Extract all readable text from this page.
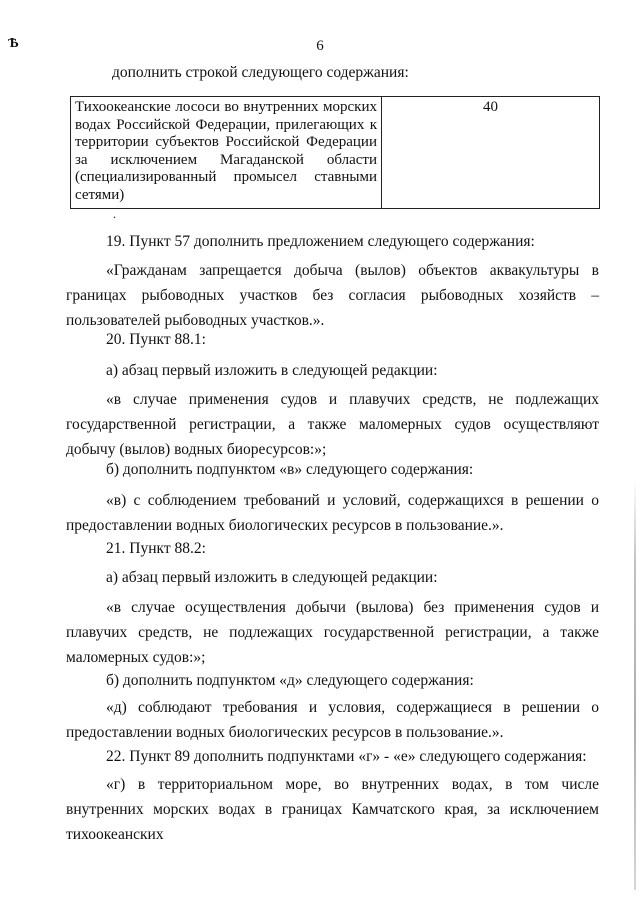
Ѣ	6
дополнить строкой следующего содержания:
Тихоокеанские лососи во внутренних морских водах Российской Федерации, прилегающих к территории субъектов Российской Федерации за исключением Магаданской области (специализированный промысел ставными сетями)	40
.
19. Пункт 57 дополнить предложением следующего содержания:
«Гражданам запрещается добыча (вылов) объектов аквакультуры в границах рыбоводных участков без согласия рыбоводных хозяйств – пользователей рыбоводных участков.».
20. Пункт 88.1:
а) абзац первый изложить в следующей редакции:
«в случае применения судов и плавучих средств, не подлежащих государственной регистрации, а также маломерных судов осуществляют добычу (вылов) водных биоресурсов:»;
б) дополнить подпунктом «в» следующего содержания:
«в) с соблюдением требований и условий, содержащихся в решении о предоставлении водных биологических ресурсов в пользование.».
21. Пункт 88.2:
а) абзац первый изложить в следующей редакции:
«в случае осуществления добычи (вылова) без применения судов и плавучих средств, не подлежащих государственной регистрации, а также маломерных судов:»;
б) дополнить подпунктом «д» следующего содержания:
«д) соблюдают требования и условия, содержащиеся в решении о предоставлении водных биологических ресурсов в пользование.».
22. Пункт 89 дополнить подпунктами «г» - «е» следующего содержания:
«г) в территориальном море, во внутренних водах, в том числе внутренних морских водах в границах Камчатского края, за исключением тихоокеанских
